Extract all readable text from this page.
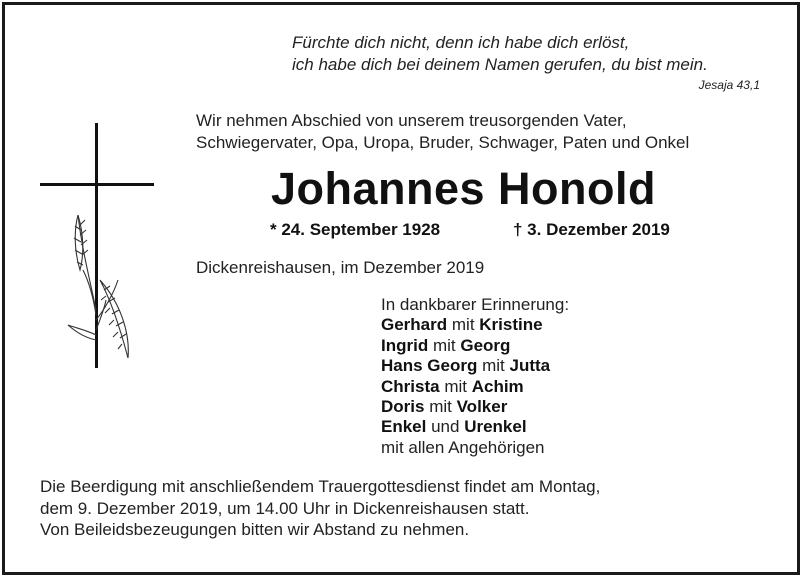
Fürchte dich nicht, denn ich habe dich erlöst,
ich habe dich bei deinem Namen gerufen, du bist mein.
Jesaja 43,1
Wir nehmen Abschied von unserem treusorgenden Vater,
Schwiegervater, Opa, Uropa, Bruder, Schwager, Paten und Onkel
Johannes Honold
* 24. September 1928	† 3. Dezember 2019
Dickenreishausen, im Dezember 2019
In dankbarer Erinnerung:
Gerhard mit Kristine
Ingrid mit Georg
Hans Georg mit Jutta
Christa mit Achim
Doris mit Volker
Enkel und Urenkel
mit allen Angehörigen
Die Beerdigung mit anschließendem Trauergottesdienst findet am Montag,
dem 9. Dezember 2019, um 14.00 Uhr in Dickenreishausen statt.
Von Beileidsbezeugungen bitten wir Abstand zu nehmen.
